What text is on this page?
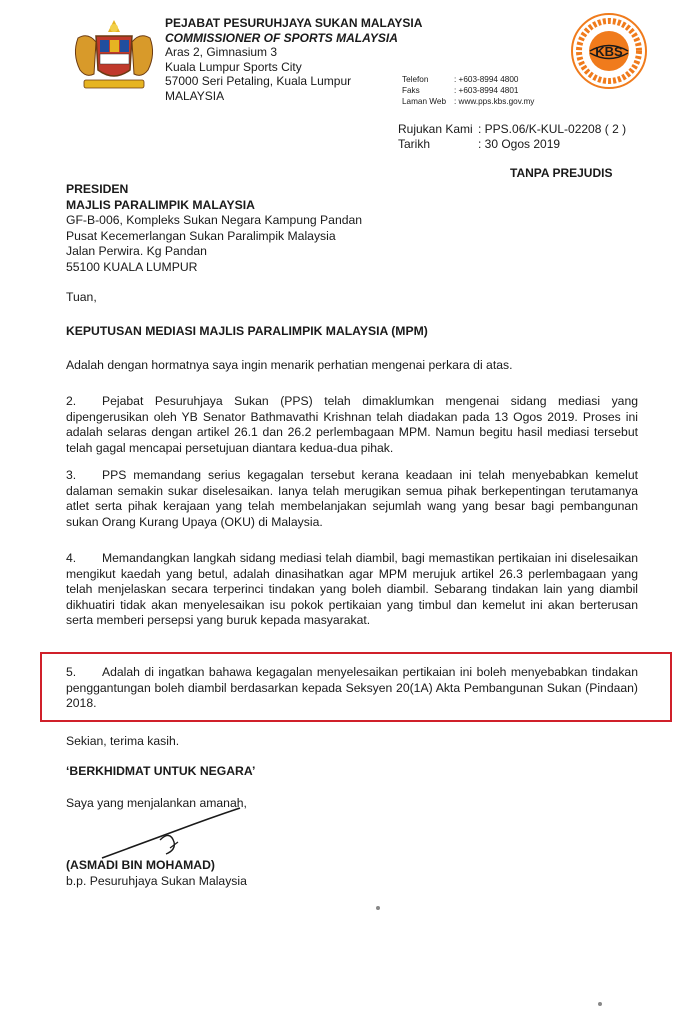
PEJABAT PESURUHJAYA SUKAN MALAYSIA
COMMISSIONER OF SPORTS MALAYSIA
Aras 2, Gimnasium 3
Kuala Lumpur Sports City
57000 Seri Petaling, Kuala Lumpur
MALAYSIA
Telefon	: +603-8994 4800
Faks	: +603-8994 4801
Laman Web : www.pps.kbs.gov.my
KBS
Rujukan Kami : PPS.06/K-KUL-02208 ( 2 )
Tarikh	: 30 Ogos 2019
TANPA PREJUDIS
PRESIDEN
MAJLIS PARALIMPIK MALAYSIA
GF-B-006, Kompleks Sukan Negara Kampung Pandan
Pusat Kecemerlangan Sukan Paralimpik Malaysia
Jalan Perwira. Kg Pandan
55100 KUALA LUMPUR
Tuan,
KEPUTUSAN MEDIASI MAJLIS PARALIMPIK MALAYSIA (MPM)
Adalah dengan hormatnya saya ingin menarik perhatian mengenai perkara di atas.
2. Pejabat Pesuruhjaya Sukan (PPS) telah dimaklumkan mengenai sidang mediasi yang dipengerusikan oleh YB Senator Bathmavathi Krishnan telah diadakan pada 13 Ogos 2019. Proses ini adalah selaras dengan artikel 26.1 dan 26.2 perlembagaan MPM. Namun begitu hasil mediasi tersebut telah gagal mencapai persetujuan diantara kedua-dua pihak.
3. PPS memandang serius kegagalan tersebut kerana keadaan ini telah menyebabkan kemelut dalaman semakin sukar diselesaikan. Ianya telah merugikan semua pihak berkepentingan terutamanya atlet serta pihak kerajaan yang telah membelanjakan sejumlah wang yang besar bagi pembangunan sukan Orang Kurang Upaya (OKU) di Malaysia.
4. Memandangkan langkah sidang mediasi telah diambil, bagi memastikan pertikaian ini diselesaikan mengikut kaedah yang betul, adalah dinasihatkan agar MPM merujuk artikel 26.3 perlembagaan yang telah menjelaskan secara terperinci tindakan yang boleh diambil. Sebarang tindakan lain yang diambil dikhuatiri tidak akan menyelesaikan isu pokok pertikaian yang timbul dan kemelut ini akan berterusan serta memberi persepsi yang buruk kepada masyarakat.
5. Adalah di ingatkan bahawa kegagalan menyelesaikan pertikaian ini boleh menyebabkan tindakan penggantungan boleh diambil berdasarkan kepada Seksyen 20(1A) Akta Pembangunan Sukan (Pindaan) 2018.
Sekian, terima kasih.
‘BERKHIDMAT UNTUK NEGARA’
Saya yang menjalankan amanah,
(ASMADI BIN MOHAMAD)
b.p. Pesuruhjaya Sukan Malaysia
